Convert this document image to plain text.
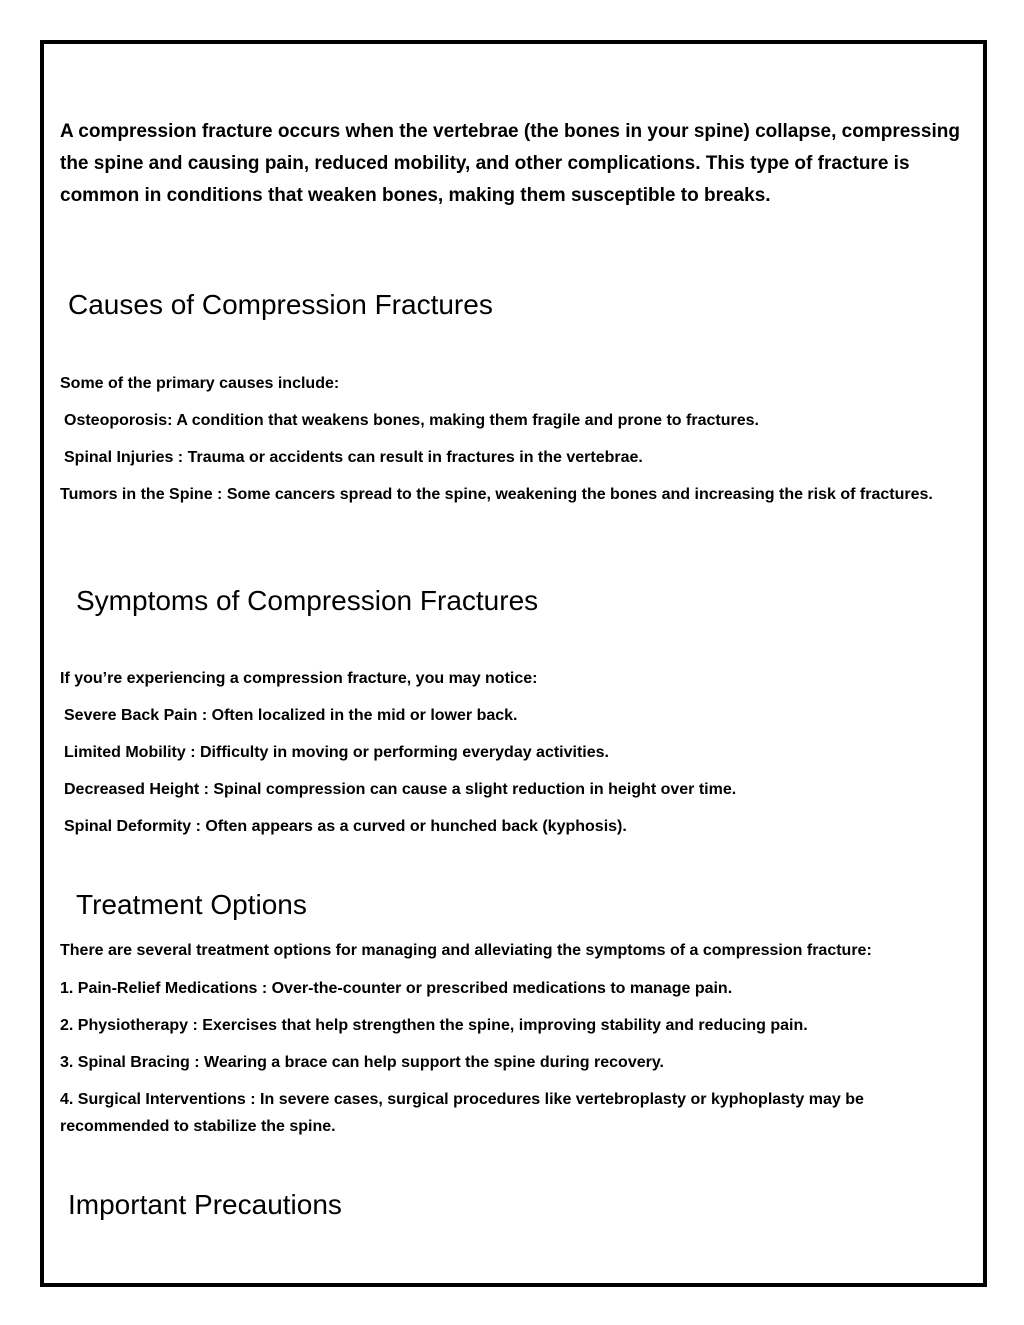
A compression fracture occurs when the vertebrae (the bones in your spine) collapse, compressing the spine and causing pain, reduced mobility, and other complications. This type of fracture is common in conditions that weaken bones, making them susceptible to breaks.

Causes of Compression Fractures

Some of the primary causes include:

Osteoporosis: A condition that weakens bones, making them fragile and prone to fractures.

Spinal Injuries : Trauma or accidents can result in fractures in the vertebrae.

Tumors in the Spine : Some cancers spread to the spine, weakening the bones and increasing the risk of fractures.

Symptoms of Compression Fractures

If you’re experiencing a compression fracture, you may notice:

Severe Back Pain : Often localized in the mid or lower back.

Limited Mobility : Difficulty in moving or performing everyday activities.

Decreased Height : Spinal compression can cause a slight reduction in height over time.

Spinal Deformity : Often appears as a curved or hunched back (kyphosis).

Treatment Options

There are several treatment options for managing and alleviating the symptoms of a compression fracture:

1. Pain-Relief Medications : Over-the-counter or prescribed medications to manage pain.

2. Physiotherapy : Exercises that help strengthen the spine, improving stability and reducing pain.

3. Spinal Bracing : Wearing a brace can help support the spine during recovery.

4. Surgical Interventions : In severe cases, surgical procedures like vertebroplasty or kyphoplasty may be recommended to stabilize the spine.

Important Precautions
